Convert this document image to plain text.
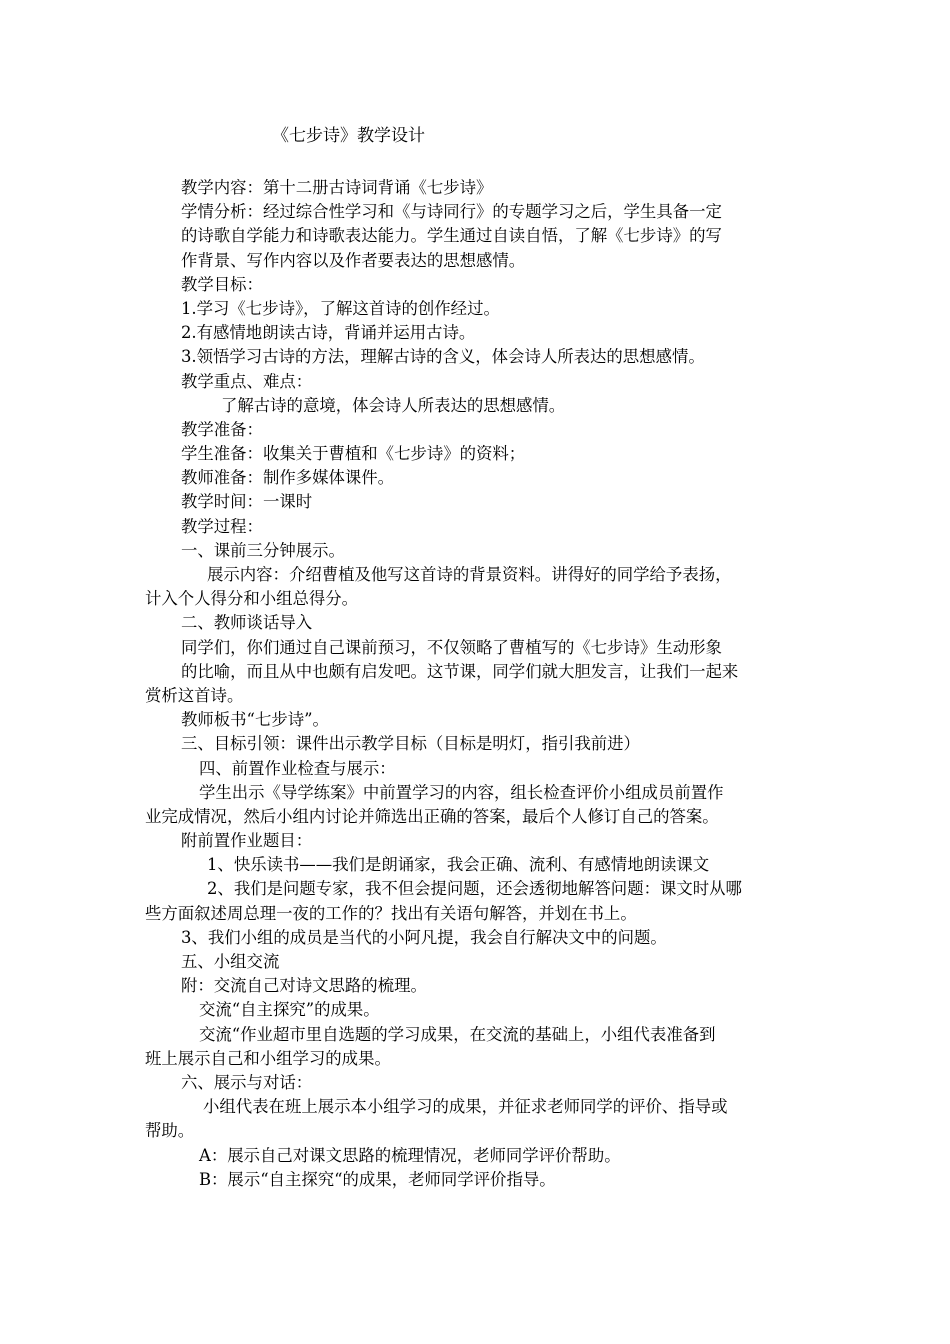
《七步诗》教学设计
教学内容：第十二册古诗词背诵《七步诗》
学情分析：经过综合性学习和《与诗同行》的专题学习之后，学生具备一定
的诗歌自学能力和诗歌表达能力。学生通过自读自悟，了解《七步诗》的写
作背景、写作内容以及作者要表达的思想感情。
教学目标：
1.学习《七步诗》，了解这首诗的创作经过。
2.有感情地朗读古诗，背诵并运用古诗。
3.领悟学习古诗的方法，理解古诗的含义，体会诗人所表达的思想感情。
教学重点、难点：
了解古诗的意境，体会诗人所表达的思想感情。
教学准备：
学生准备：收集关于曹植和《七步诗》的资料；
教师准备：制作多媒体课件。
教学时间：一课时
教学过程：
一、课前三分钟展示。
展示内容：介绍曹植及他写这首诗的背景资料。讲得好的同学给予表扬，
计入个人得分和小组总得分。
二、教师谈话导入
同学们，你们通过自己课前预习，不仅领略了曹植写的《七步诗》生动形象
的比喻，而且从中也颇有启发吧。这节课，同学们就大胆发言，让我们一起来
赏析这首诗。
教师板书“七步诗”。
三、目标引领：课件出示教学目标（目标是明灯，指引我前进）
四、前置作业检查与展示：
学生出示《导学练案》中前置学习的内容，组长检查评价小组成员前置作
业完成情况，然后小组内讨论并筛选出正确的答案，最后个人修订自己的答案。
附前置作业题目：
1、快乐读书——我们是朗诵家，我会正确、流利、有感情地朗读课文
2、我们是问题专家，我不但会提问题，还会透彻地解答问题：课文时从哪
些方面叙述周总理一夜的工作的？找出有关语句解答，并划在书上。
3、我们小组的成员是当代的小阿凡提，我会自行解决文中的问题。
五、小组交流
附：交流自己对诗文思路的梳理。
交流“自主探究”的成果。
交流“作业超市里自选题的学习成果，在交流的基础上，小组代表准备到
班上展示自己和小组学习的成果。
六、展示与对话：
小组代表在班上展示本小组学习的成果，并征求老师同学的评价、指导或
帮助。
A：展示自己对课文思路的梳理情况，老师同学评价帮助。
B：展示“自主探究“的成果，老师同学评价指导。
